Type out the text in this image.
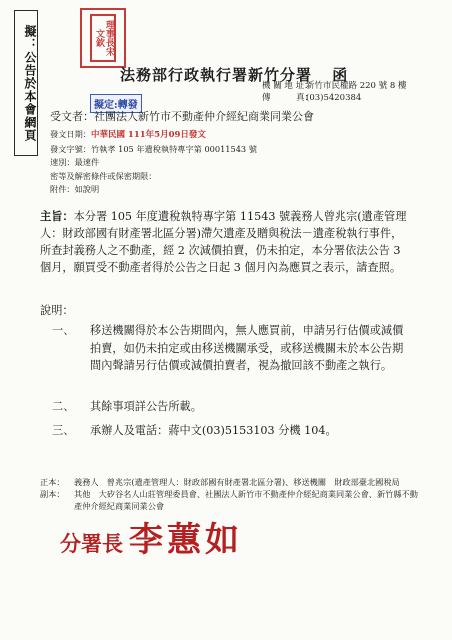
擬：公告於本會網頁	理事長宋文欽
法務部行政執行署新竹分署 函
機 關 地 址：新竹市民權路 220 號 8 樓
傳　　　真：(03)5420384
擬定:轉發
受文者：社團法人新竹市不動產仲介經紀商業同業公會
發文日期：中華民國 111年5月09日發文
發文字號：竹執孝 105 年遺稅執特專字第 00011543 號
速別：最速件
密等及解密條件或保密期限：
附件：如說明

主旨：本分署 105 年度遺稅執特專字第 11543 號義務人曾兆宗(遺產管理人：財政部國有財產署北區分署)滯欠遺產及贈與稅法－遺產稅執行事件，所查封義務人之不動產，經 2 次減價拍賣，仍未拍定，本分署依法公告 3 個月，願買受不動產者得於公告之日起 3 個月內為應買之表示，請查照。

說明：
一、	移送機關得於本公告期間內，無人應買前，申請另行估價或減價拍賣，如仍未拍定或由移送機關承受，或移送機關未於本公告期間內聲請另行估價或減價拍賣者，視為撤回該不動產之執行。
二、	其餘事項詳公告所載。
三、	承辦人及電話：蔣中文(03)5153103 分機 104。
正本：	義務人　曾兆宗(遺產管理人：財政部國有財產署北區分署)、移送機關　財政部臺北國稅局
副本：	其他　大矽谷名人山莊管理委員會、社團法人新竹市不動產仲介經紀商業同業公會、新竹縣不動產仲介經紀商業同業公會
分署長 李蕙如
